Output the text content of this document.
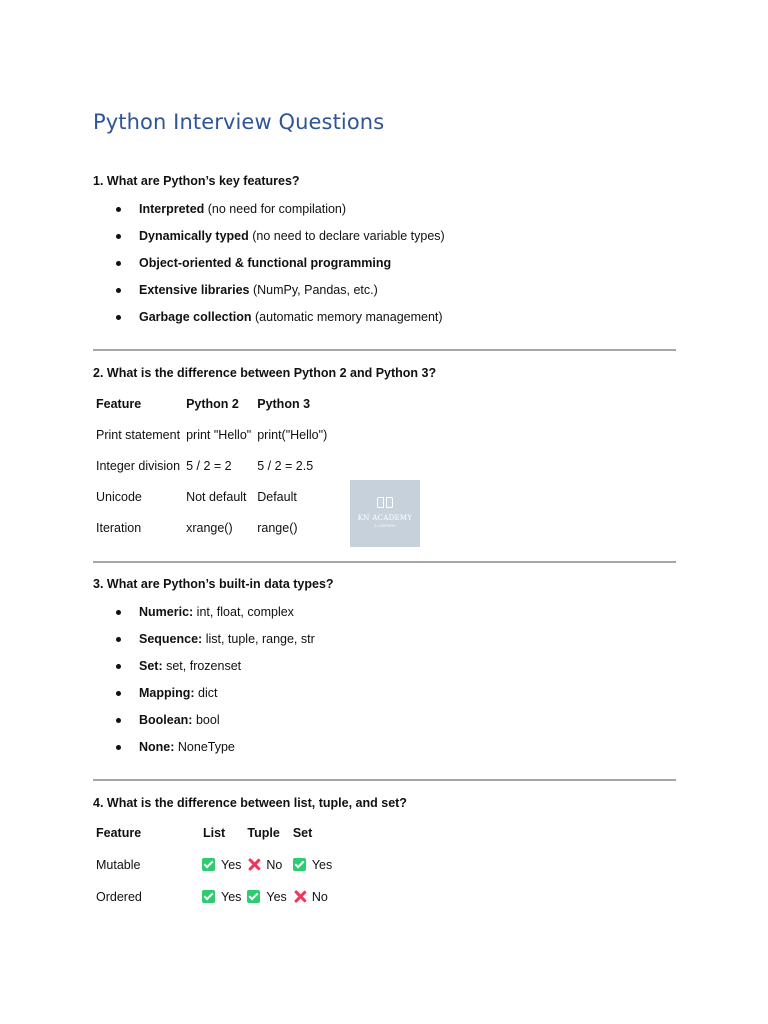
Python Interview Questions
1. What are Python’s key features?
Interpreted (no need for compilation)
Dynamically typed (no need to declare variable types)
Object-oriented & functional programming
Extensive libraries (NumPy, Pandas, etc.)
Garbage collection (automatic memory management)
2. What is the difference between Python 2 and Python 3?
Feature	Python 2	Python 3
Print statement	print "Hello"	print("Hello")
Integer division	5 / 2 = 2	5 / 2 = 2.5
Unicode	Not default	Default
Iteration	xrange()	range()
KN ACADEMY
E-LEARNING
3. What are Python’s built-in data types?
Numeric: int, float, complex
Sequence: list, tuple, range, str
Set: set, frozenset
Mapping: dict
Boolean: bool
None: NoneType
4. What is the difference between list, tuple, and set?
Feature	List	Tuple	Set
Mutable	Yes	No	Yes
Ordered	Yes	Yes	No
